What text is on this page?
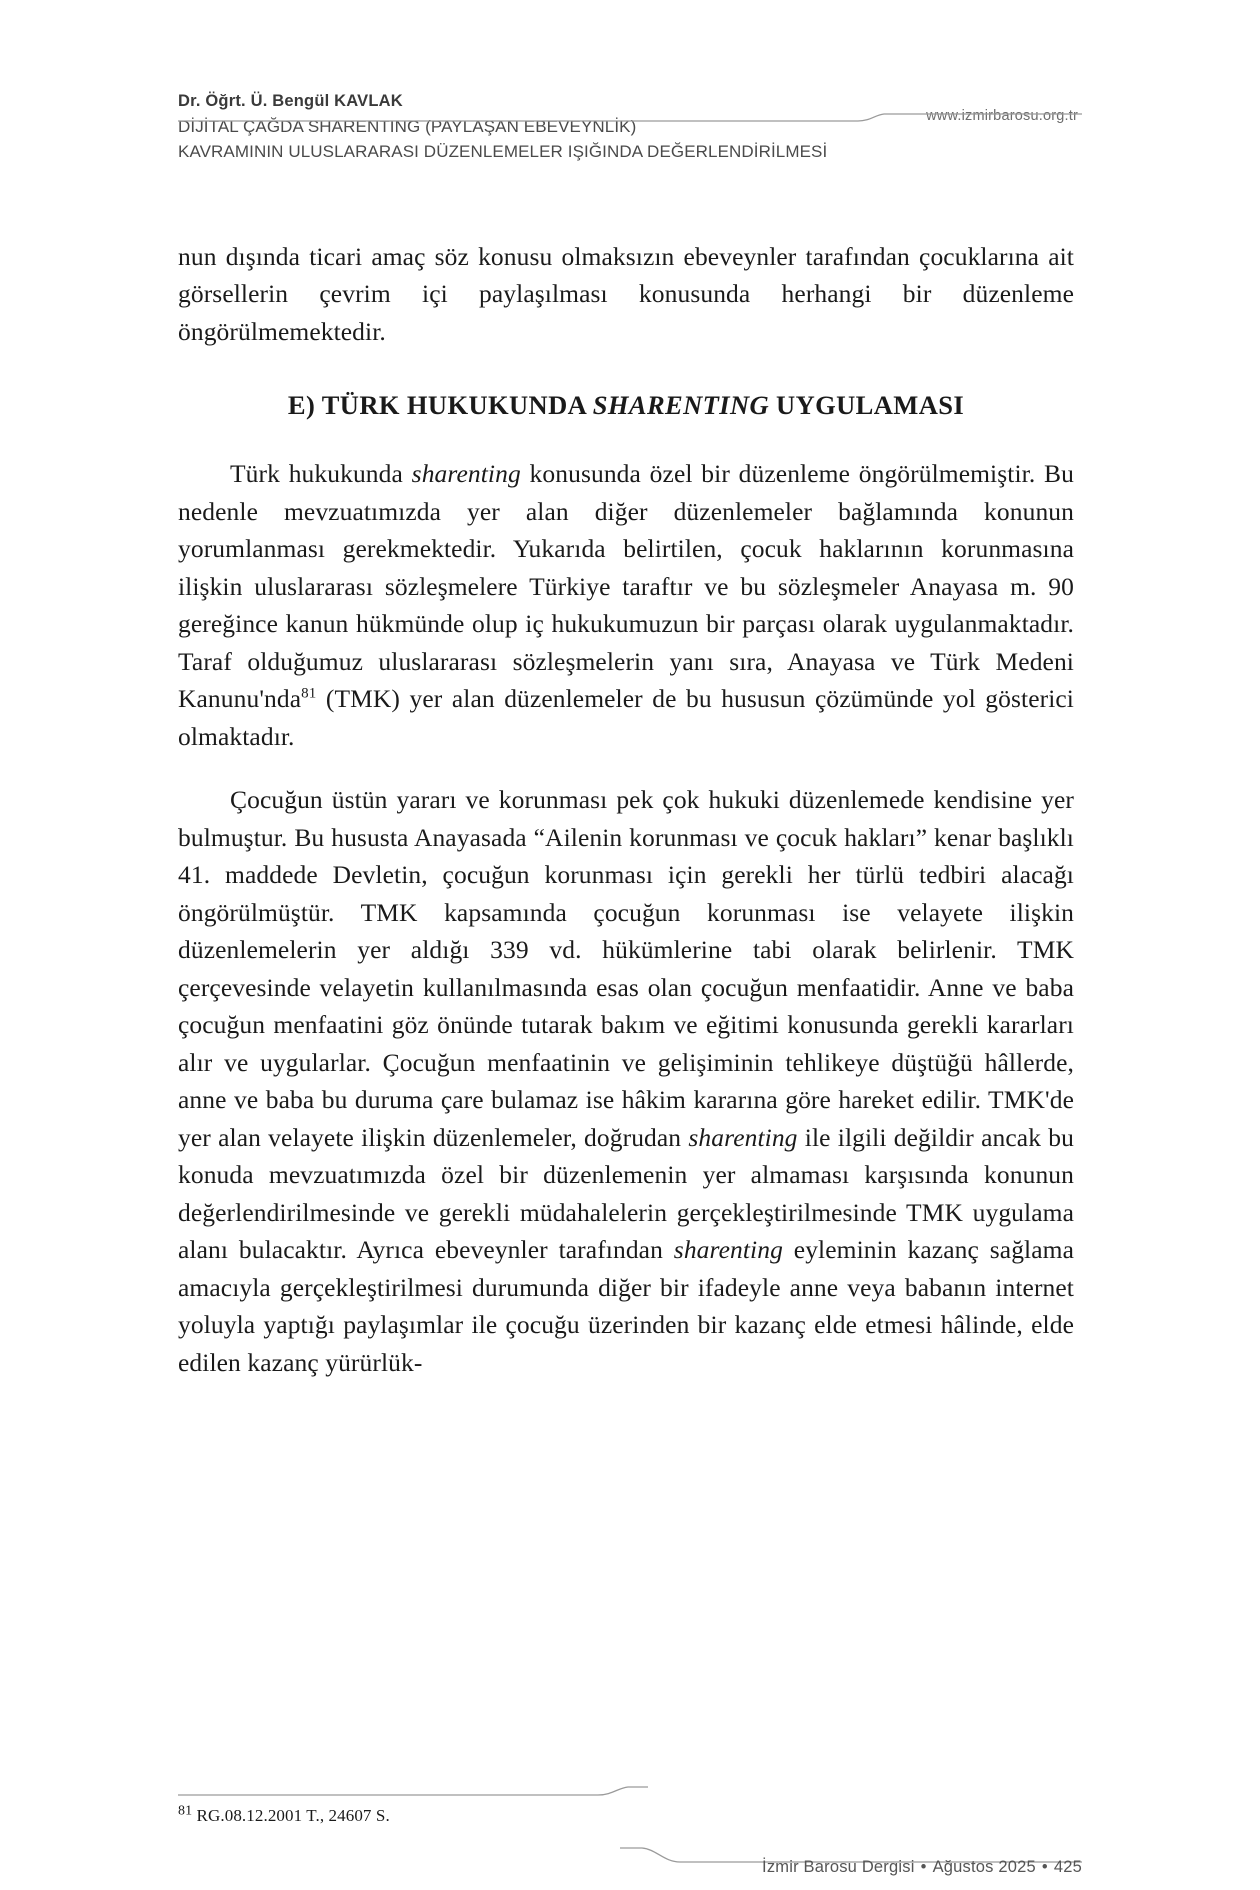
Dr. Öğrt. Ü. Bengül KAVLAK
DİJİTAL ÇAĞDA SHARENTING (PAYLAŞAN EBEVEYNLİK)
KAVRAMININ ULUSLARARASI DÜZENLEMELER IŞIĞINDA DEĞERLENDİRİLMESİ
www.izmirbarosu.org.tr

nun dışında ticari amaç söz konusu olmaksızın ebeveynler tarafından çocuklarına ait görsellerin çevrim içi paylaşılması konusunda herhangi bir düzenleme öngörülmemektedir.

E) TÜRK HUKUKUNDA SHARENTING UYGULAMASI

Türk hukukunda sharenting konusunda özel bir düzenleme öngörülmemiştir. Bu nedenle mevzuatımızda yer alan diğer düzenlemeler bağlamında konunun yorumlanması gerekmektedir. Yukarıda belirtilen, çocuk haklarının korunmasına ilişkin uluslararası sözleşmelere Türkiye taraftır ve bu sözleşmeler Anayasa m. 90 gereğince kanun hükmünde olup iç hukukumuzun bir parçası olarak uygulanmaktadır. Taraf olduğumuz uluslararası sözleşmelerin yanı sıra, Anayasa ve Türk Medeni Kanunu'nda$^{81}$ (TMK) yer alan düzenlemeler de bu hususun çözümünde yol gösterici olmaktadır.

Çocuğun üstün yararı ve korunması pek çok hukuki düzenlemede kendisine yer bulmuştur. Bu hususta Anayasada “Ailenin korunması ve çocuk hakları” kenar başlıklı 41. maddede Devletin, çocuğun korunması için gerekli her türlü tedbiri alacağı öngörülmüştür. TMK kapsamında çocuğun korunması ise velayete ilişkin düzenlemelerin yer aldığı 339 vd. hükümlerine tabi olarak belirlenir. TMK çerçevesinde velayetin kullanılmasında esas olan çocuğun menfaatidir. Anne ve baba çocuğun menfaatini göz önünde tutarak bakım ve eğitimi konusunda gerekli kararları alır ve uygularlar. Çocuğun menfaatinin ve gelişiminin tehlikeye düştüğü hâllerde, anne ve baba bu duruma çare bulamaz ise hâkim kararına göre hareket edilir. TMK'de yer alan velayete ilişkin düzenlemeler, doğrudan sharenting ile ilgili değildir ancak bu konuda mevzuatımızda özel bir düzenlemenin yer almaması karşısında konunun değerlendirilmesinde ve gerekli müdahalelerin gerçekleştirilmesinde TMK uygulama alanı bulacaktır. Ayrıca ebeveynler tarafından sharenting eyleminin kazanç sağlama amacıyla gerçekleştirilmesi durumunda diğer bir ifadeyle anne veya babanın internet yoluyla yaptığı paylaşımlar ile çocuğu üzerinden bir kazanç elde etmesi hâlinde, elde edilen kazanç yürürlük-

$^{81}$ RG.08.12.2001 T., 24607 S.
İzmir Barosu Dergisi • Ağustos 2025 • 425
